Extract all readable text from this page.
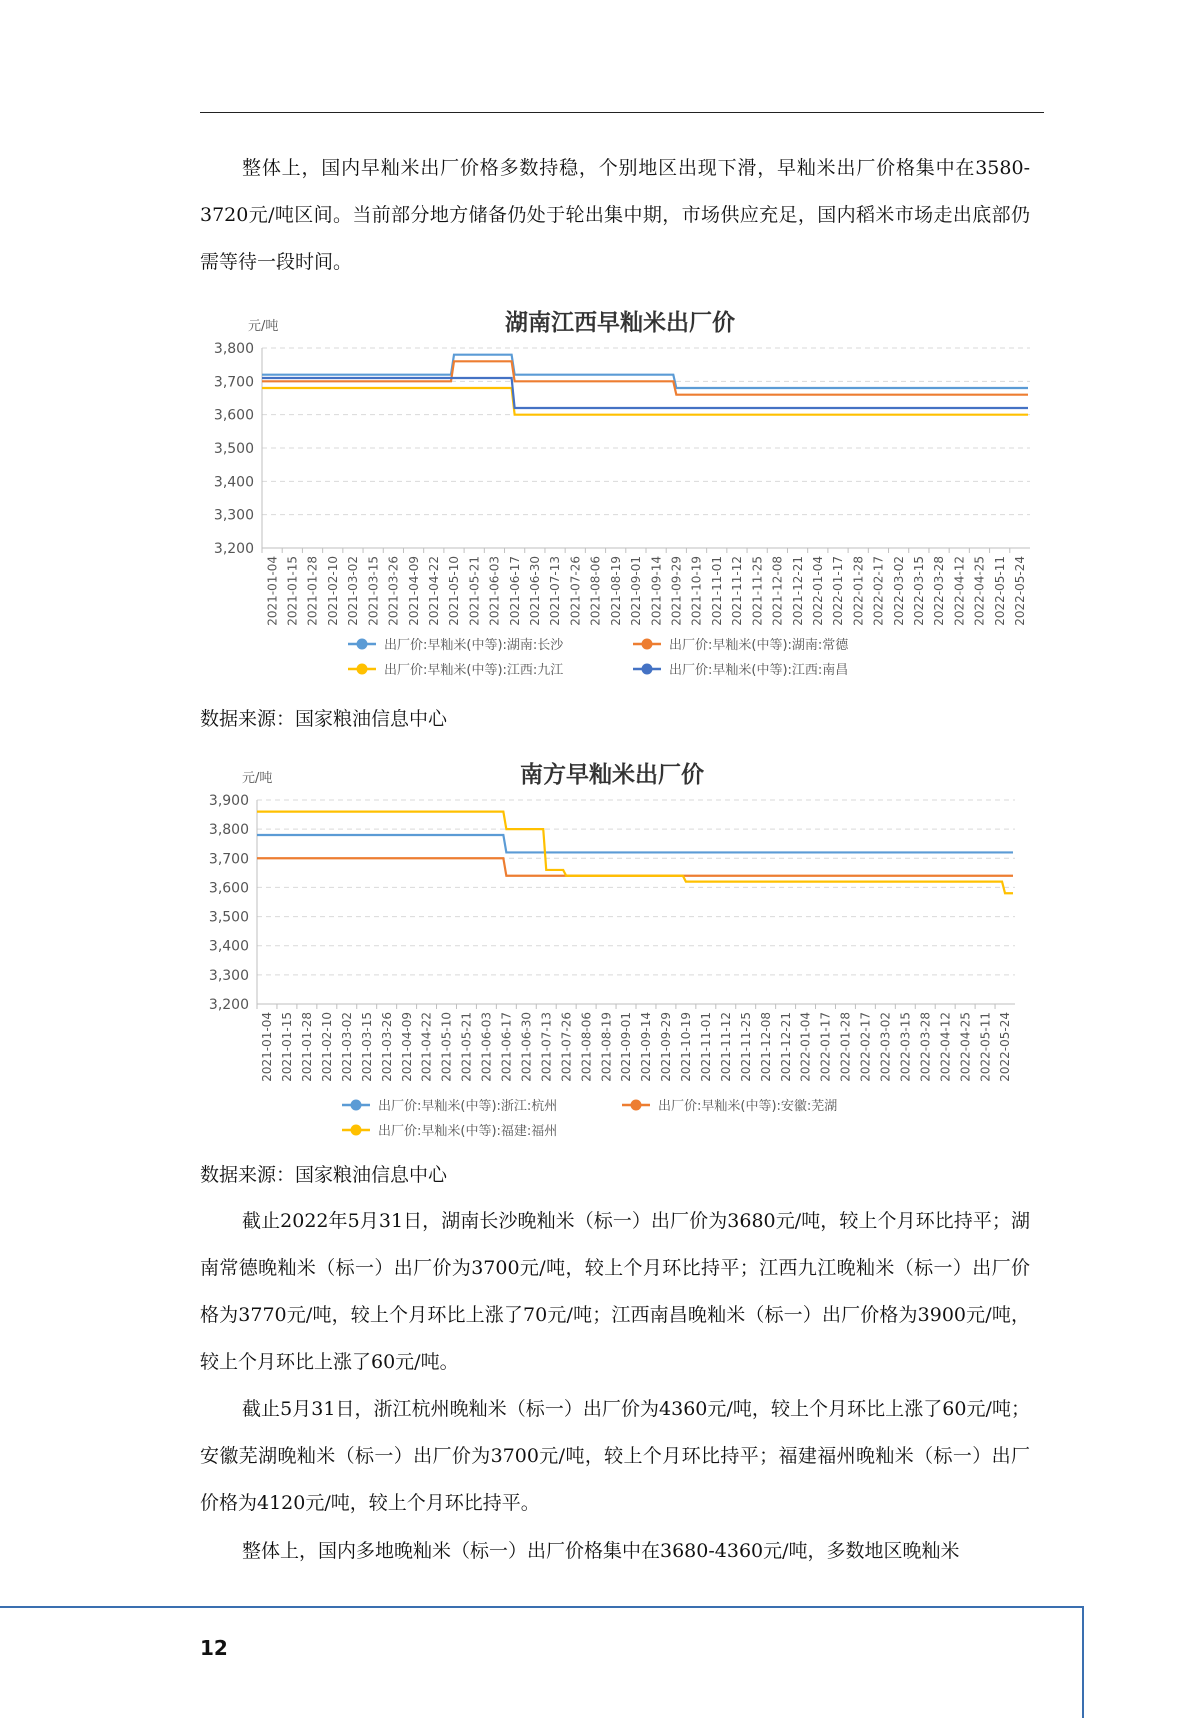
整体上，国内早籼米出厂价格多数持稳，个别地区出现下滑，早籼米出厂价格集中在3580-3720元/吨区间。当前部分地方储备仍处于轮出集中期，市场供应充足，国内稻米市场走出底部仍需等待一段时间。

湖南江西早籼米出厂价
元/吨
3,200
3,300
3,400
3,500
3,600
3,700
3,800
2021-01-04 2021-01-15 2021-01-28 2021-02-10 2021-03-02 2021-03-15 2021-03-26 2021-04-09 2021-04-22 2021-05-10 2021-05-21 2021-06-03 2021-06-17 2021-06-30 2021-07-13 2021-07-26 2021-08-06 2021-08-19 2021-09-01 2021-09-14 2021-09-29 2021-10-19 2021-11-01 2021-11-12 2021-11-25 2021-12-08 2021-12-21 2022-01-04 2022-01-17 2022-01-28 2022-02-17 2022-03-02 2022-03-15 2022-03-28 2022-04-12 2022-04-25 2022-05-11 2022-05-24
出厂价:早籼米(中等):湖南:长沙	出厂价:早籼米(中等):湖南:常德
出厂价:早籼米(中等):江西:九江	出厂价:早籼米(中等):江西:南昌
数据来源：国家粮油信息中心
南方早籼米出厂价
元/吨
3,200
3,300
3,400
3,500
3,600
3,700
3,800
3,900
2021-01-04 2021-01-15 2021-01-28 2021-02-10 2021-03-02 2021-03-15 2021-03-26 2021-04-09 2021-04-22 2021-05-10 2021-05-21 2021-06-03 2021-06-17 2021-06-30 2021-07-13 2021-07-26 2021-08-06 2021-08-19 2021-09-01 2021-09-14 2021-09-29 2021-10-19 2021-11-01 2021-11-12 2021-11-25 2021-12-08 2021-12-21 2022-01-04 2022-01-17 2022-01-28 2022-02-17 2022-03-02 2022-03-15 2022-03-28 2022-04-12 2022-04-25 2022-05-11 2022-05-24
出厂价:早籼米(中等):浙江:杭州	出厂价:早籼米(中等):安徽:芜湖
出厂价:早籼米(中等):福建:福州
数据来源：国家粮油信息中心

截止2022年5月31日，湖南长沙晚籼米（标一）出厂价为3680元/吨，较上个月环比持平；湖南常德晚籼米（标一）出厂价为3700元/吨，较上个月环比持平；江西九江晚籼米（标一）出厂价格为3770元/吨，较上个月环比上涨了70元/吨；江西南昌晚籼米（标一）出厂价格为3900元/吨，较上个月环比上涨了60元/吨。

截止5月31日，浙江杭州晚籼米（标一）出厂价为4360元/吨，较上个月环比上涨了60元/吨；安徽芜湖晚籼米（标一）出厂价为3700元/吨，较上个月环比持平；福建福州晚籼米（标一）出厂价格为4120元/吨，较上个月环比持平。

整体上，国内多地晚籼米（标一）出厂价格集中在3680-4360元/吨，多数地区晚籼米

12
